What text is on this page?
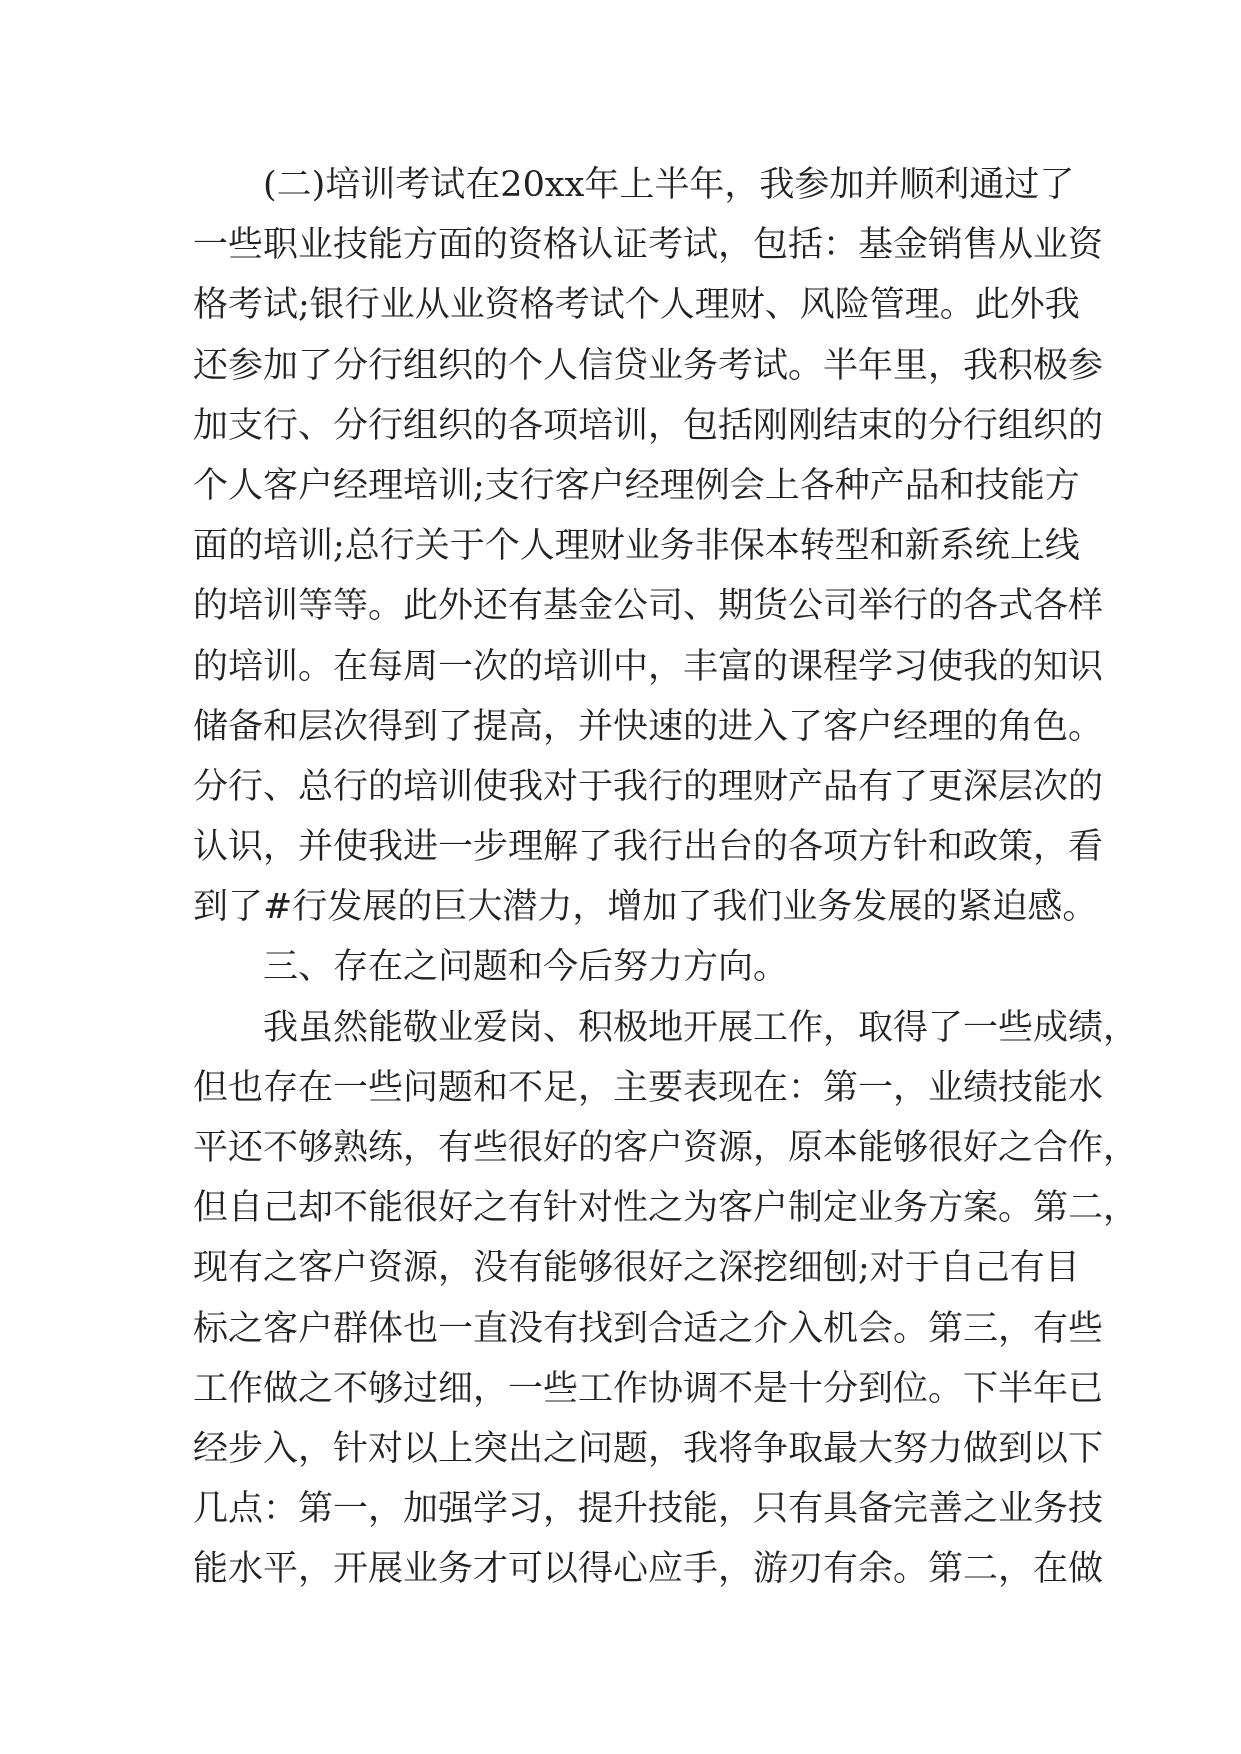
(二)培训考试在20xx年上半年，我参加并顺利通过了
一些职业技能方面的资格认证考试，包括：基金销售从业资
格考试;银行业从业资格考试个人理财、风险管理。此外我
还参加了分行组织的个人信贷业务考试。半年里，我积极参
加支行、分行组织的各项培训，包括刚刚结束的分行组织的
个人客户经理培训;支行客户经理例会上各种产品和技能方
面的培训;总行关于个人理财业务非保本转型和新系统上线
的培训等等。此外还有基金公司、期货公司举行的各式各样
的培训。在每周一次的培训中，丰富的课程学习使我的知识
储备和层次得到了提高，并快速的进入了客户经理的角色。
分行、总行的培训使我对于我行的理财产品有了更深层次的
认识，并使我进一步理解了我行出台的各项方针和政策，看
到了#行发展的巨大潜力，增加了我们业务发展的紧迫感。
三、存在之问题和今后努力方向。
我虽然能敬业爱岗、积极地开展工作，取得了一些成绩，
但也存在一些问题和不足，主要表现在：第一，业绩技能水
平还不够熟练，有些很好的客户资源，原本能够很好之合作，
但自己却不能很好之有针对性之为客户制定业务方案。第二，
现有之客户资源，没有能够很好之深挖细刨;对于自己有目
标之客户群体也一直没有找到合适之介入机会。第三，有些
工作做之不够过细，一些工作协调不是十分到位。下半年已
经步入，针对以上突出之问题，我将争取最大努力做到以下
几点：第一，加强学习，提升技能，只有具备完善之业务技
能水平，开展业务才可以得心应手，游刃有余。第二，在做
